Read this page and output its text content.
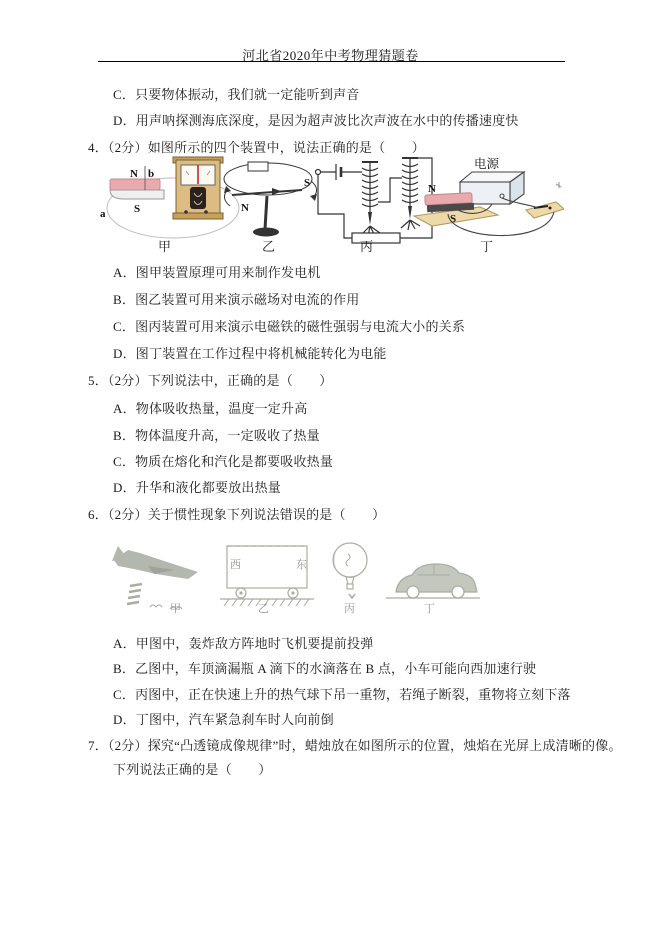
河北省2020年中考物理猜题卷
C．只要物体振动，我们就一定能听到声音
D．用声呐探测海底深度，是因为超声波比次声波在水中的传播速度快
4．（2分）如图所示的四个装置中，说法正确的是（　　）
N b
a	S
甲
N
S
乙	丙
电源
N
S
丁
A．图甲装置原理可用来制作发电机
B．图乙装置可用来演示磁场对电流的作用
C．图丙装置可用来演示电磁铁的磁性强弱与电流大小的关系
D．图丁装置在工作过程中将机械能转化为电能
5．（2分）下列说法中，正确的是（　　）
A．物体吸收热量，温度一定升高
B．物体温度升高，一定吸收了热量
C．物质在熔化和汽化是都要吸收热量
D．升华和液化都要放出热量
6．（2分）关于惯性现象下列说法错误的是（　　）
甲
西	东
乙	丙	丁
A．甲图中，轰炸敌方阵地时飞机要提前投弹
B．乙图中，车顶滴漏瓶 A 滴下的水滴落在 B 点，小车可能向西加速行驶
C．丙图中，正在快速上升的热气球下吊一重物，若绳子断裂，重物将立刻下落
D．丁图中，汽车紧急刹车时人向前倒
7．（2分）探究“凸透镜成像规律”时，蜡烛放在如图所示的位置，烛焰在光屏上成清晰的像。
下列说法正确的是（　　）
